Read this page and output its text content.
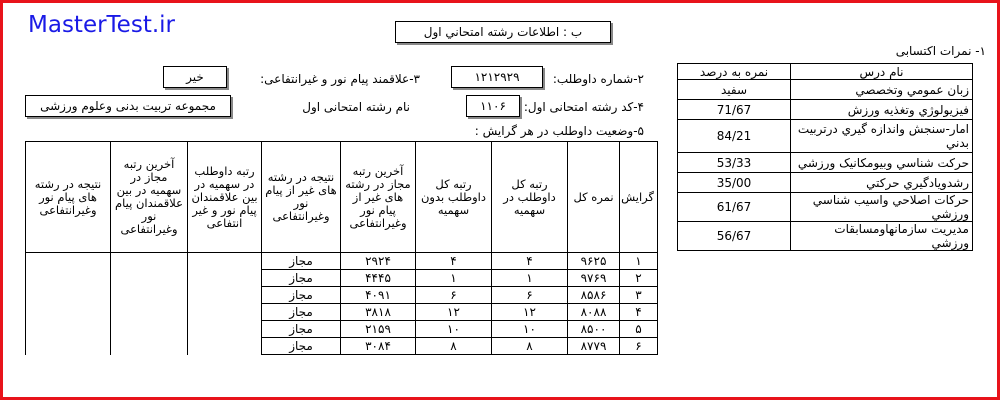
MasterTest.ir	ب : اطلاعات رشته امتحاني اول
۱- نمرات اکتسابی
نام درس	نمره به درصد
زبان عمومي وتخصصي	سفيد
فيزيولوژي وتغذيه ورزش	71/67
امار-سنجش واندازه گيري درتربيت بدني	84/21
حرکت شناسي وبيومکانيک ورزشي	53/33
رشدويادگيري حرکتي	35/00
حرکات اصلاحي واسيب شناسي ورزشي	61/67
مديريت سازمانهاومسابقات ورزشي	56/67
۲-شماره داوطلب:
۱۲۱۲۹۲۹
۳-علاقمند پیام نور و غیرانتفاعی:
خیر
۴-کد رشته امتحانی اول:
۱۱۰۶
نام رشته امتحانی اول
مجموعه تربیت بدنی وعلوم ورزشی
۵-وضعیت داوطلب در هر گرایش :
گرایش	نمره کل	رتبه کل داوطلب در سهمیه	رتبه کل داوطلب بدون سهمیه	آخرین رتبه مجاز در رشته های غیر از پیام نور وغیرانتفاعی	نتیجه در رشته های غیر از پیام نور وغیرانتفاعی	رتبه داوطلب در سهمیه در بین علاقمندان پیام نور و غیر انتفاعی	آخرین رتبه مجاز در سهمیه در بین علاقمندان پیام نور وغیرانتفاعی	نتیجه در رشته های پیام نور وغیرانتفاعی
۱	۹۶۲۵	۴	۴	۲۹۲۴	مجاز			
۲	۹۷۶۹	۱	۱	۴۴۴۵	مجاز			
۳	۸۵۸۶	۶	۶	۴۰۹۱	مجاز			
۴	۸۰۸۸	۱۲	۱۲	۳۸۱۸	مجاز			
۵	۸۵۰۰	۱۰	۱۰	۲۱۵۹	مجاز			
۶	۸۷۷۹	۸	۸	۳۰۸۴	مجاز			
